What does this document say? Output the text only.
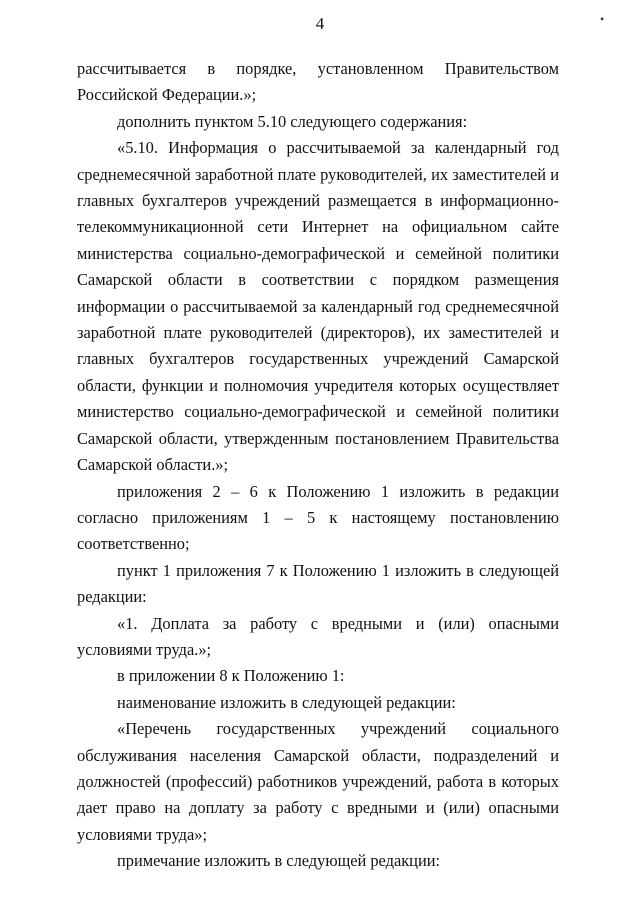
4	•

рассчитывается в порядке, установленном Правительством Российской Федерации.»;

дополнить пунктом 5.10 следующего содержания:

«5.10. Информация о рассчитываемой за календарный год среднемесячной заработной плате руководителей, их заместителей и главных бухгалтеров учреждений размещается в информационно-телекоммуникационной сети Интернет на официальном сайте министерства социально-демографической и семейной политики Самарской области в соответствии с порядком размещения информации о рассчитываемой за календарный год среднемесячной заработной плате руководителей (директоров), их заместителей и главных бухгалтеров государственных учреждений Самарской области, функции и полномочия учредителя которых осуществляет министерство социально-демографической и семейной политики Самарской области, утвержденным постановлением Правительства Самарской области.»;

приложения 2 – 6 к Положению 1 изложить в редакции согласно приложениям 1 – 5 к настоящему постановлению соответственно;

пункт 1 приложения 7 к Положению 1 изложить в следующей редакции:

«1. Доплата за работу с вредными и (или) опасными условиями труда.»;

в приложении 8 к Положению 1:

наименование изложить в следующей редакции:

«Перечень государственных учреждений социального обслуживания населения Самарской области, подразделений и должностей (профессий) работников учреждений, работа в которых дает право на доплату за работу с вредными и (или) опасными условиями труда»;

примечание изложить в следующей редакции:
